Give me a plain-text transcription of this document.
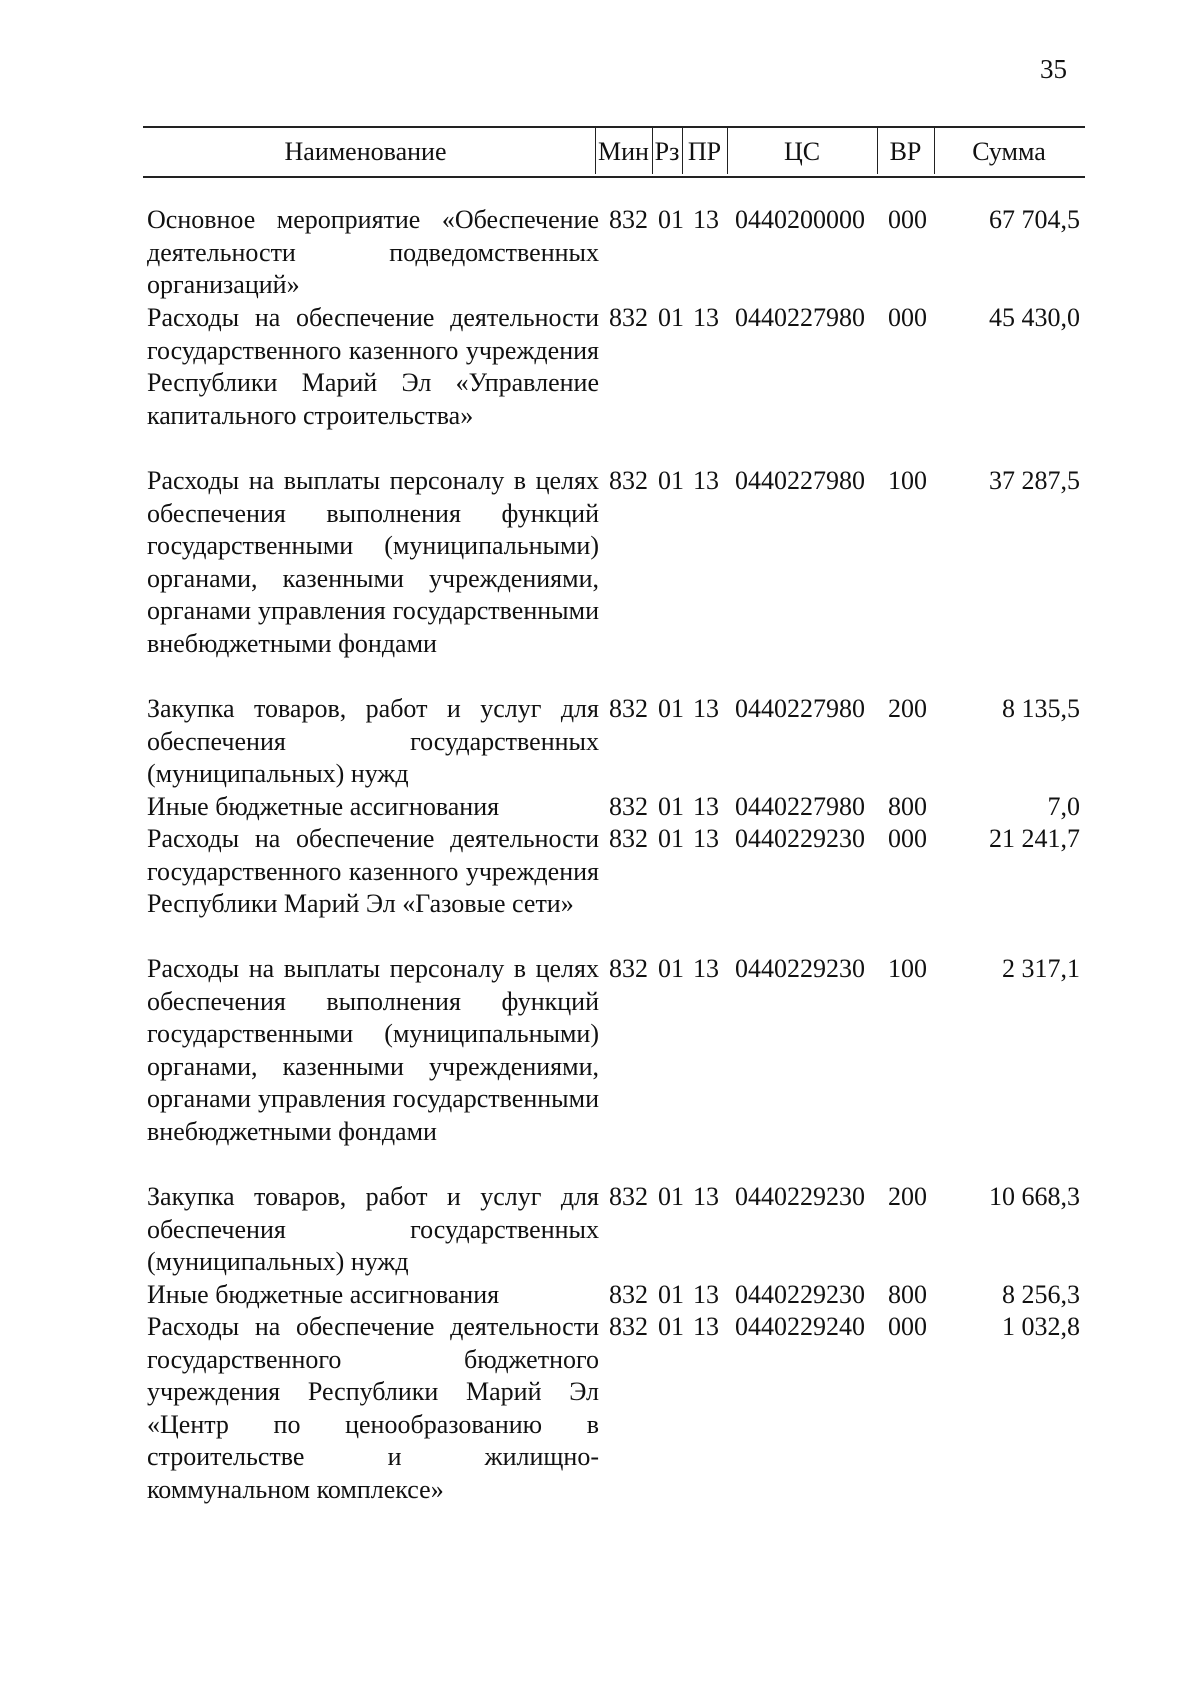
35
Наименование	Мин Рз ПР	ЦС	ВР	Сумма
Основное мероприятие «Обеспечение деятельности подведомственных организаций»
832 01 13 0440200000 000	67 704,5
Расходы на обеспечение деятельности государственного казенного учреждения Республики Марий Эл «Управление капитального строительства»
832 01 13 0440227980 000	45 430,0
Расходы на выплаты персоналу в целях обеспечения выполнения функций государственными (муниципальными) органами, казенными учреждениями, органами управления государственными внебюджетными фондами
832 01 13 0440227980 100	37 287,5
Закупка товаров, работ и услуг для обеспечения государственных (муниципальных) нужд
832 01 13 0440227980 200	8 135,5
Иные бюджетные ассигнования	832 01 13 0440227980 800	7,0
Расходы на обеспечение деятельности государственного казенного учреждения Республики Марий Эл «Газовые сети»
832 01 13 0440229230 000	21 241,7
Расходы на выплаты персоналу в целях обеспечения выполнения функций государственными (муниципальными) органами, казенными учреждениями, органами управления государственными внебюджетными фондами
832 01 13 0440229230 100	2 317,1
Закупка товаров, работ и услуг для обеспечения государственных (муниципальных) нужд
832 01 13 0440229230 200	10 668,3
Иные бюджетные ассигнования	832 01 13 0440229230 800	8 256,3
Расходы на обеспечение деятельности государственного бюджетного учреждения Республики Марий Эл «Центр по ценообразованию в строительстве и жилищно-коммунальном комплексе»
832 01 13 0440229240 000	1 032,8
